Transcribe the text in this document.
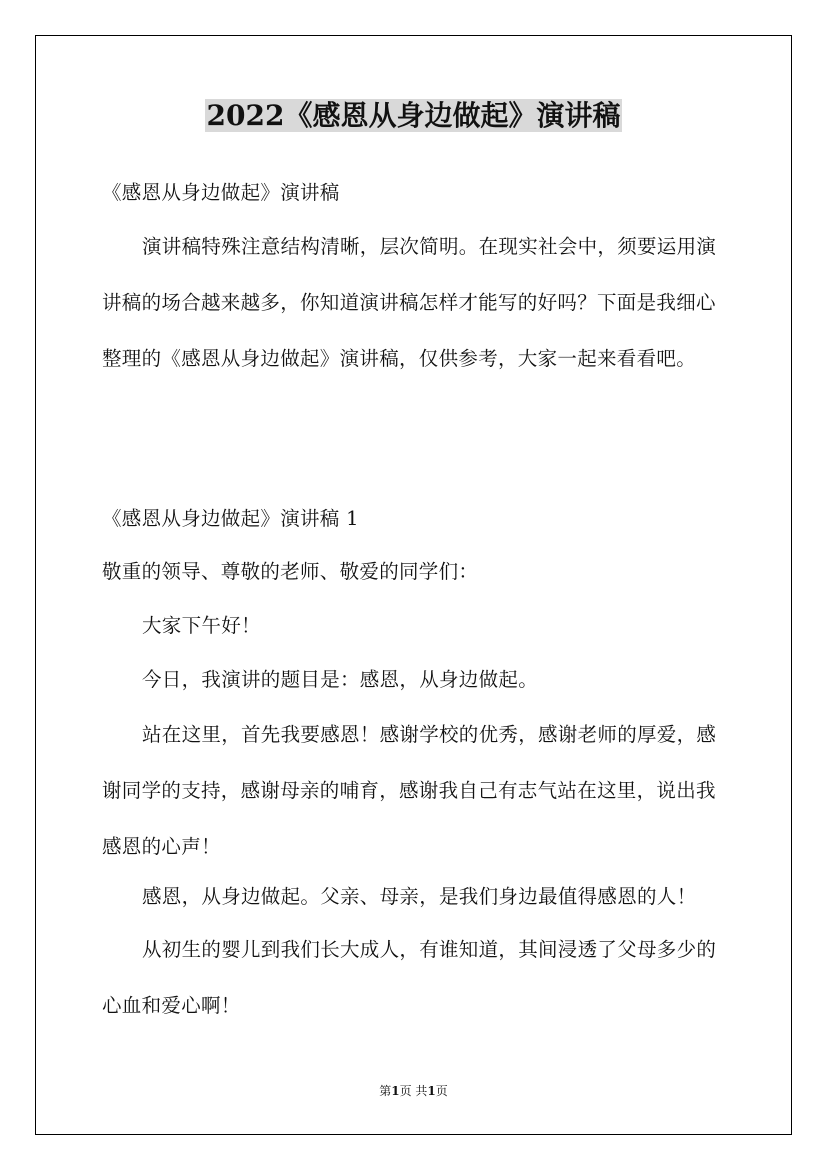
2022《感恩从身边做起》演讲稿

《感恩从身边做起》演讲稿

演讲稿特殊注意结构清晰，层次简明。在现实社会中，须要运用演讲稿的场合越来越多，你知道演讲稿怎样才能写的好吗？下面是我细心整理的《感恩从身边做起》演讲稿，仅供参考，大家一起来看看吧。

《感恩从身边做起》演讲稿 1

敬重的领导、尊敬的老师、敬爱的同学们：

大家下午好！

今日，我演讲的题目是：感恩，从身边做起。

站在这里，首先我要感恩！感谢学校的优秀，感谢老师的厚爱，感谢同学的支持，感谢母亲的哺育，感谢我自己有志气站在这里，说出我感恩的心声！

感恩，从身边做起。父亲、母亲，是我们身边最值得感恩的人！

从初生的婴儿到我们长大成人，有谁知道，其间浸透了父母多少的心血和爱心啊！

第1页 共1页
